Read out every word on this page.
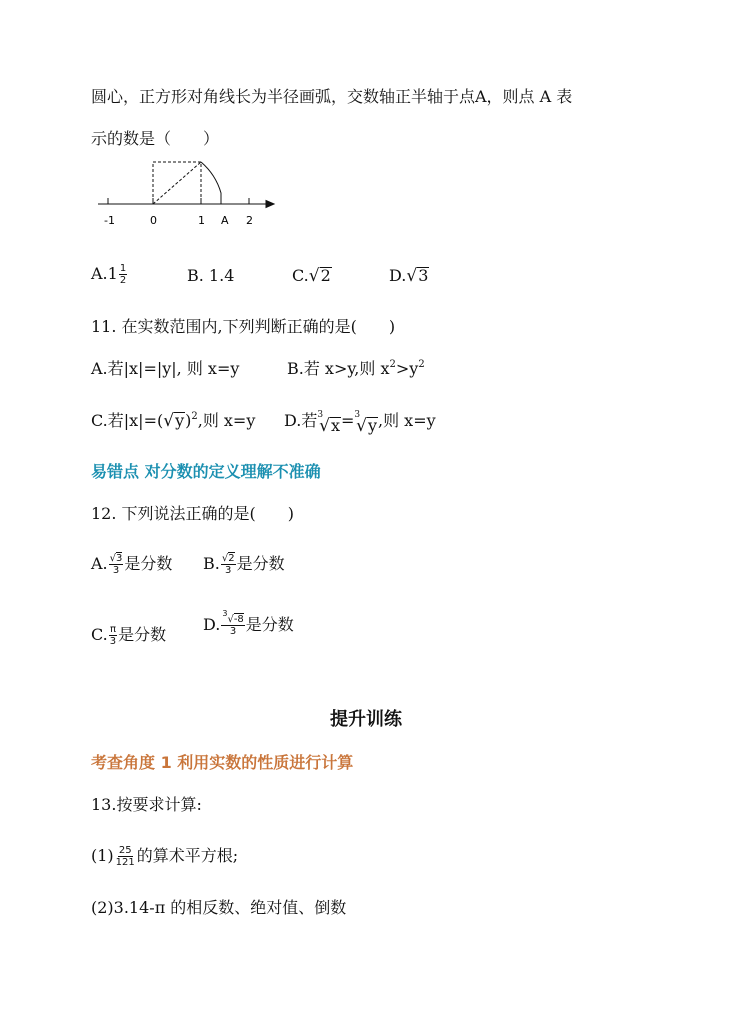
圆心，正方形对角线长为半径画弧，交数轴正半轴于点A，则点 A 表
示的数是（　　）
-1	0	1 A 2
$A.1 \frac{1}{2}$	B. 1.4	C. √ 2	D. √ 3
11. 在实数范围内,下列判断正确的是(　　)
A.若|x|=|y|, 则 x=y	B.若 x>y,则 $x^2>y^2$
C.若|x|=( √ y )$^2$,则 x=y D.若 3
√ x = 3
√ y ,则 x=y
易错点 对分数的定义理解不准确
12. 下列说法正确的是(　　)
A. $\frac{√3}{3}$ 是分数 B. $\frac{√2}{3}$ 是分数
C. $\frac{\pi}{3}$ 是分数
D. $\frac{^3√-8}{3}$ 是分数
提升训练
考查角度 1 利用实数的性质进行计算
13.按要求计算:
$(1) \frac{25}{121}$ 的算术平方根;
(2)3.14-π 的相反数、绝对值、倒数
